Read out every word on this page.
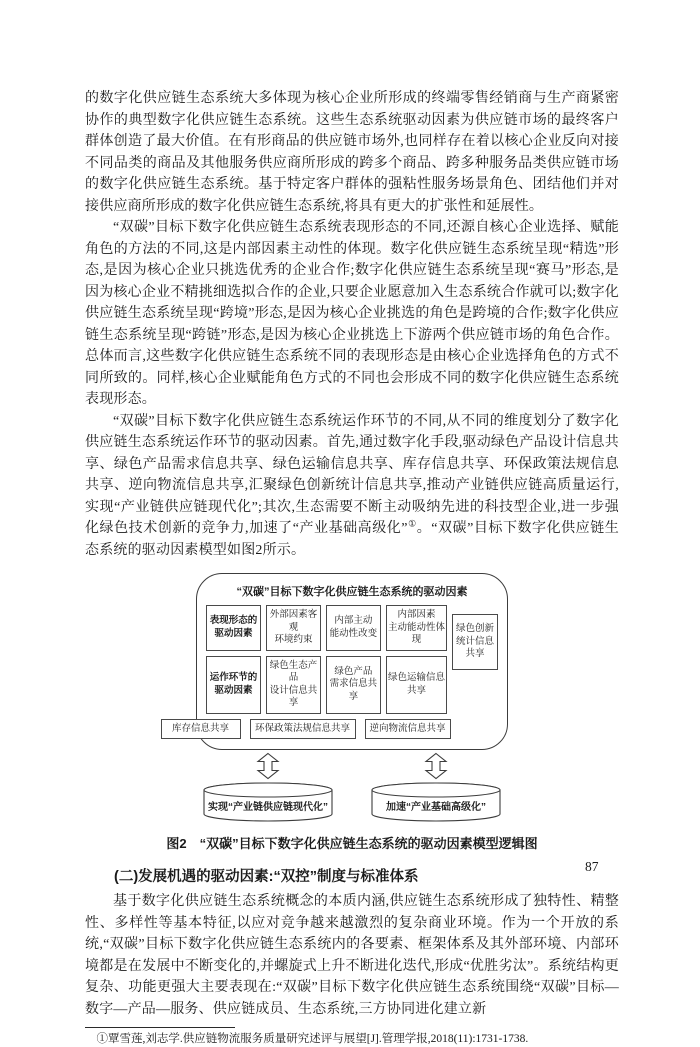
的数字化供应链生态系统大多体现为核心企业所形成的终端零售经销商与生产商紧密协作的典型数字化供应链生态系统。这些生态系统驱动因素为供应链市场的最终客户群体创造了最大价值。在有形商品的供应链市场外,也同样存在着以核心企业反向对接不同品类的商品及其他服务供应商所形成的跨多个商品、跨多种服务品类供应链市场的数字化供应链生态系统。基于特定客户群体的强粘性服务场景角色、团结他们并对接供应商所形成的数字化供应链生态系统,将具有更大的扩张性和延展性。

“双碳”目标下数字化供应链生态系统表现形态的不同,还源自核心企业选择、赋能角色的方法的不同,这是内部因素主动性的体现。数字化供应链生态系统呈现“精选”形态,是因为核心企业只挑选优秀的企业合作;数字化供应链生态系统呈现“赛马”形态,是因为核心企业不精挑细选拟合作的企业,只要企业愿意加入生态系统合作就可以;数字化供应链生态系统呈现“跨境”形态,是因为核心企业挑选的角色是跨境的合作;数字化供应链生态系统呈现“跨链”形态,是因为核心企业挑选上下游两个供应链市场的角色合作。总体而言,这些数字化供应链生态系统不同的表现形态是由核心企业选择角色的方式不同所致的。同样,核心企业赋能角色方式的不同也会形成不同的数字化供应链生态系统表现形态。

“双碳”目标下数字化供应链生态系统运作环节的不同,从不同的维度划分了数字化供应链生态系统运作环节的驱动因素。首先,通过数字化手段,驱动绿色产品设计信息共享、绿色产品需求信息共享、绿色运输信息共享、库存信息共享、环保政策法规信息共享、逆向物流信息共享,汇聚绿色创新统计信息共享,推动产业链供应链高质量运行,实现“产业链供应链现代化”;其次,生态需要不断主动吸纳先进的科技型企业,进一步强化绿色技术创新的竞争力,加速了“产业基础高级化”①。“双碳”目标下数字化供应链生态系统的驱动因素模型如图2所示。

“双碳”目标下数字化供应链生态系统的驱动因素
表现形态的
驱动因素
外部因素客观
环境约束
内部主动
能动性改变
内部因素
主动能动性体现
运作环节的
驱动因素
绿色生态产品
设计信息共享
绿色产品
需求信息共享
绿色运输信息共享
库存信息共享	环保政策法规信息共享	逆向物流信息共享
绿色创新
统计信息
共享
实现“产业链供应链现代化”	加速“产业基础高级化”
图2　“双碳”目标下数字化供应链生态系统的驱动因素模型逻辑图
(二)发展机遇的驱动因素:“双控”制度与标准体系

基于数字化供应链生态系统概念的本质内涵,供应链生态系统形成了独特性、精整性、多样性等基本特征,以应对竞争越来越激烈的复杂商业环境。作为一个开放的系统,“双碳”目标下数字化供应链生态系统内的各要素、框架体系及其外部环境、内部环境都是在发展中不断变化的,并螺旋式上升不断进化迭代,形成“优胜劣汰”。系统结构更复杂、功能更强大主要表现在:“双碳”目标下数字化供应链生态系统围绕“双碳”目标—数字—产品—服务、供应链成员、生态系统,三方协同进化建立新

①覃雪莲,刘志学.供应链物流服务质量研究述评与展望[J].管理学报,2018(11):1731-1738.

87
